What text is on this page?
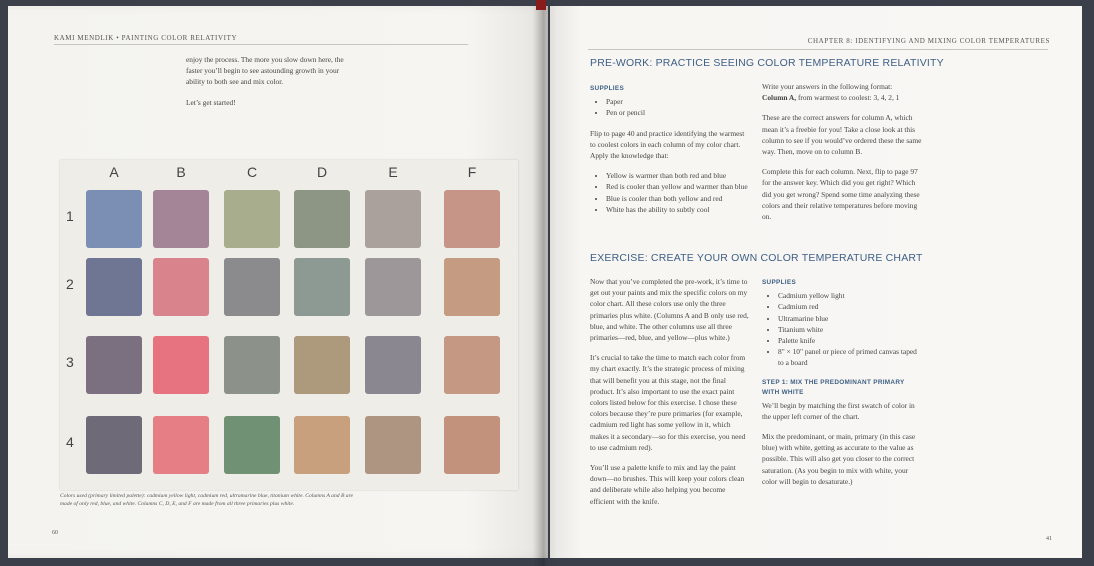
KAMI MENDLIK • PAINTING COLOR RELATIVITY

enjoy the process. The more you slow down here, the faster you’ll begin to see astounding growth in your ability to both see and mix color.

Let’s get started!

A	B	C	D	E	F
1
2
3
4
Colors used (primary limited palette): cadmium yellow light, cadmium red, ultramarine blue, titanium white. Columns A and B are made of only red, blue, and white. Columns C, D, E, and F are made from all three primaries plus white.
60
CHAPTER 8: IDENTIFYING AND MIXING COLOR TEMPERATURES
PRE-WORK: PRACTICE SEEING COLOR TEMPERATURE RELATIVITY
SUPPLIES
• Paper
• Pen or pencil

Flip to page 40 and practice identifying the warmest to coolest colors in each column of my color chart. Apply the knowledge that:

• Yellow is warmer than both red and blue
• Red is cooler than yellow and warmer than blue
• Blue is cooler than both yellow and red
• White has the ability to subtly cool

Write your answers in the following format:

Column A, from warmest to coolest: 3, 4, 2, 1

These are the correct answers for column A, which mean it’s a freebie for you! Take a close look at this column to see if you would’ve ordered these the same way. Then, move on to column B.

Complete this for each column. Next, flip to page 97 for the answer key. Which did you get right? Which did you get wrong? Spend some time analyzing these colors and their relative temperatures before moving on.

EXERCISE: CREATE YOUR OWN COLOR TEMPERATURE CHART

Now that you’ve completed the pre-work, it’s time to get out your paints and mix the specific colors on my color chart. All these colors use only the three primaries plus white. (Columns A and B only use red, blue, and white. The other columns use all three primaries—red, blue, and yellow—plus white.)

It’s crucial to take the time to match each color from my chart exactly. It’s the strategic process of mixing that will benefit you at this stage, not the final product. It’s also important to use the exact paint colors listed below for this exercise. I chose these colors because they’re pure primaries (for example, cadmium red light has some yellow in it, which makes it a secondary—so for this exercise, you need to use cadmium red).

You’ll use a palette knife to mix and lay the paint down—no brushes. This will keep your colors clean and deliberate while also helping you become efficient with the knife.

SUPPLIES
• Cadmium yellow light
• Cadmium red
• Ultramarine blue
• Titanium white
• Palette knife
• 8" × 10" panel or piece of primed canvas taped to a board
STEP 1: MIX THE PREDOMINANT PRIMARY WITH WHITE

We’ll begin by matching the first swatch of color in the upper left corner of the chart.

Mix the predominant, or main, primary (in this case blue) with white, getting as accurate to the value as possible. This will also get you closer to the correct saturation. (As you begin to mix with white, your color will begin to desaturate.)

41
